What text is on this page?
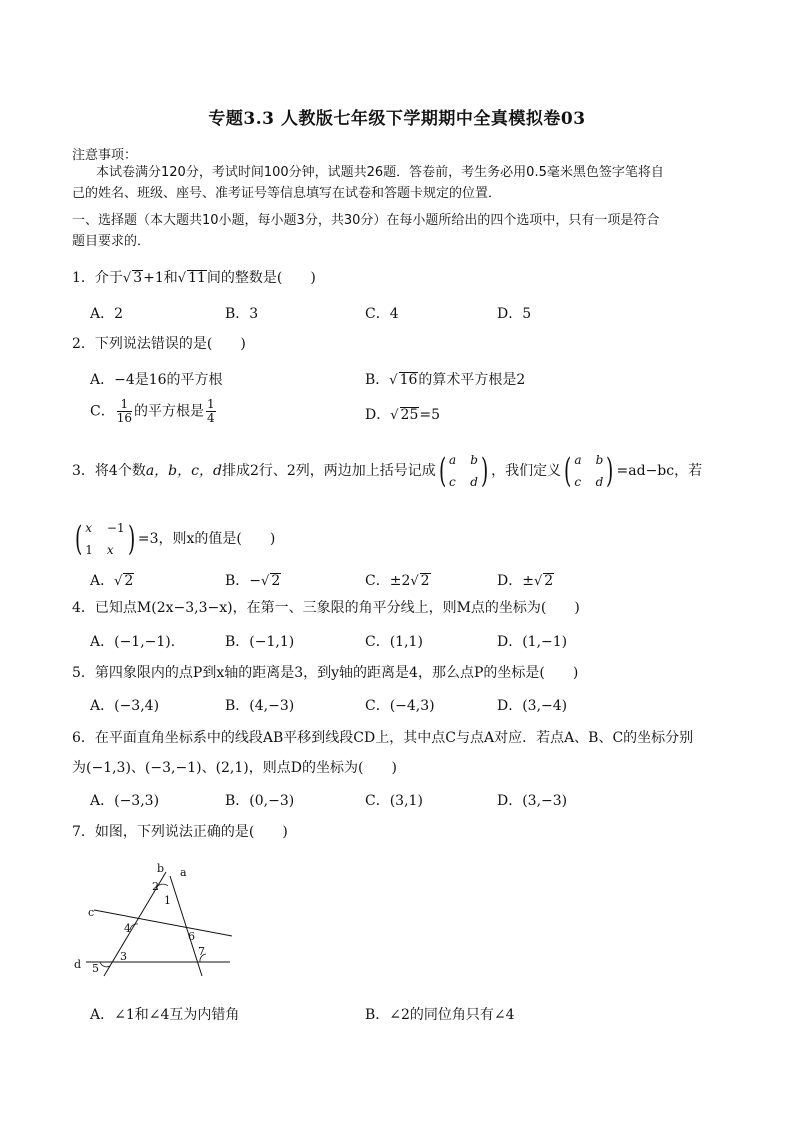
专题3.3 人教版七年级下学期期中全真模拟卷03
注意事项：
本试卷满分120分，考试时间100分钟，试题共26题．答卷前，考生务必用0.5毫米黑色签字笔将自
己的姓名、班级、座号、准考证号等信息填写在试卷和答题卡规定的位置．
一、选择题（本大题共10小题，每小题3分，共30分）在每小题所给出的四个选项中，只有一项是符合
题目要求的．
1．介于√ 3+1和√ 11间的整数是(　　)
A．2	B．3	C．4	D．5
2．下列说法错误的是(　　)
A．−4是16的平方根	B．√ 16的算术平方根是2
C． $\frac{1}{16}$ 的平方根是 $\frac{1}{4}$	D．√ 25=5
3．将4个数a，b，c，d排成2行、2列，两边加上括号记成 ( a b
c d ) ，我们定义 ( a b
c d ) =ad−bc，若
( x −1
1 x ) =3，则x的值是(　　)
A．√ 2	B．−√ 2	C．±2√ 2	D．±√ 2
4．已知点M(2x−3,3−x)，在第一、三象限的角平分线上，则M点的坐标为(　　)
A．(−1,−1)．	B．(−1,1)	C．(1,1)	D．(1,−1)
5．第四象限内的点P到x轴的距离是3，到y轴的距离是4，那么点P的坐标是(　　)
A．(−3,4)	B．(4,−3)	C．(−4,3)	D．(3,−4)
6．在平面直角坐标系中的线段AB平移到线段CD上，其中点C与点A对应．若点A、B、C的坐标分别
为(−1,3)、(−3,−1)、(2,1)，则点D的坐标为(　　)
A．(−3,3)	B．(0,−3)	C．(3,1)	D．(3,−3)
7．如图，下列说法正确的是(　　)
b a
c
d
2
1
4
6
3
5
7
A．∠1和∠4互为内错角	B．∠2的同位角只有∠4
